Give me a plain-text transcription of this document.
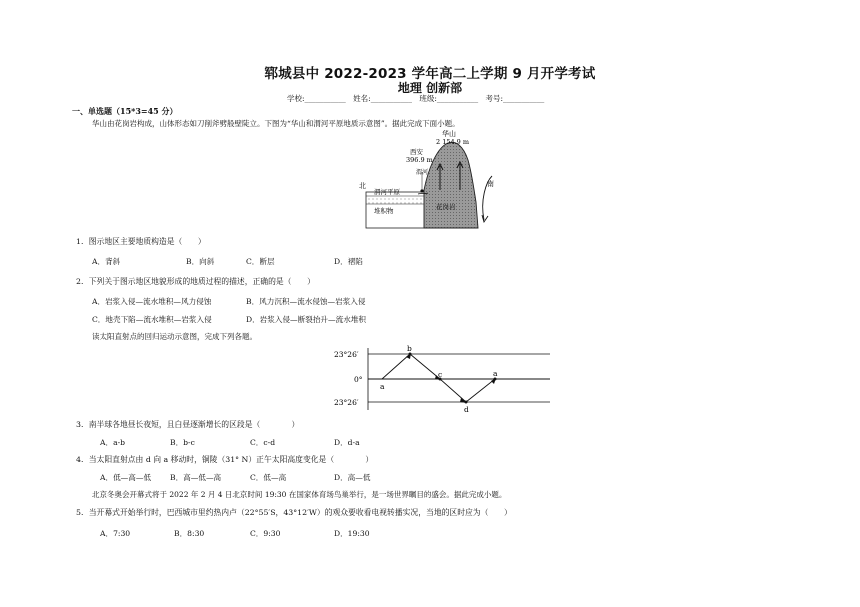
郓城县中 2022-2023 学年高二上学期 9 月开学考试
地理 创新部
学校:___________ 姓名:___________ 班级:___________ 考号:___________
一、单选题（15*3=45 分）
华山由花岗岩构成，山体形态如刀削斧劈般壁陡立。下图为“华山和渭河平原地质示意图”。据此完成下面小题。
华山
2 154.9 m
西安
396.9 m
渭河
渭河平原
北	南
堆积物	花岗岩
1．图示地区主要地质构造是（　　）
A．背斜	B．向斜	C．断层	D．褶陷
2．下列关于图示地区地貌形成的地质过程的描述，正确的是（　　）
A．岩浆入侵—流水堆积—风力侵蚀	B．风力沉积—流水侵蚀—岩浆入侵
C．地壳下陷—流水堆积—岩浆入侵	D．岩浆入侵—断裂抬升—流水堆积
读太阳直射点的回归运动示意图，完成下列各题。
23°26′
0°
23°26′
a
b
c
d
a
3．南半球各地昼长夜短，且白昼逐渐增长的区段是（　　　　）
A．a-b	B．b-c	C．c-d	D．d-a
4．当太阳直射点由 d 向 a 移动时，铜陵（31° N）正午太阳高度变化是（　　　　）
A．低—高—低 B．高—低—高	C．低—高	D．高—低
北京冬奥会开幕式将于 2022 年 2 月 4 日北京时间 19:30 在国家体育场鸟巢举行，是一场世界瞩目的盛会。据此完成小题。
5．当开幕式开始举行时，巴西城市里约热内卢（22°55′S，43°12′W）的观众要收看电视转播实况，当地的区时应为（　　）
A．7:30	B．8:30	C．9:30	D．19:30
